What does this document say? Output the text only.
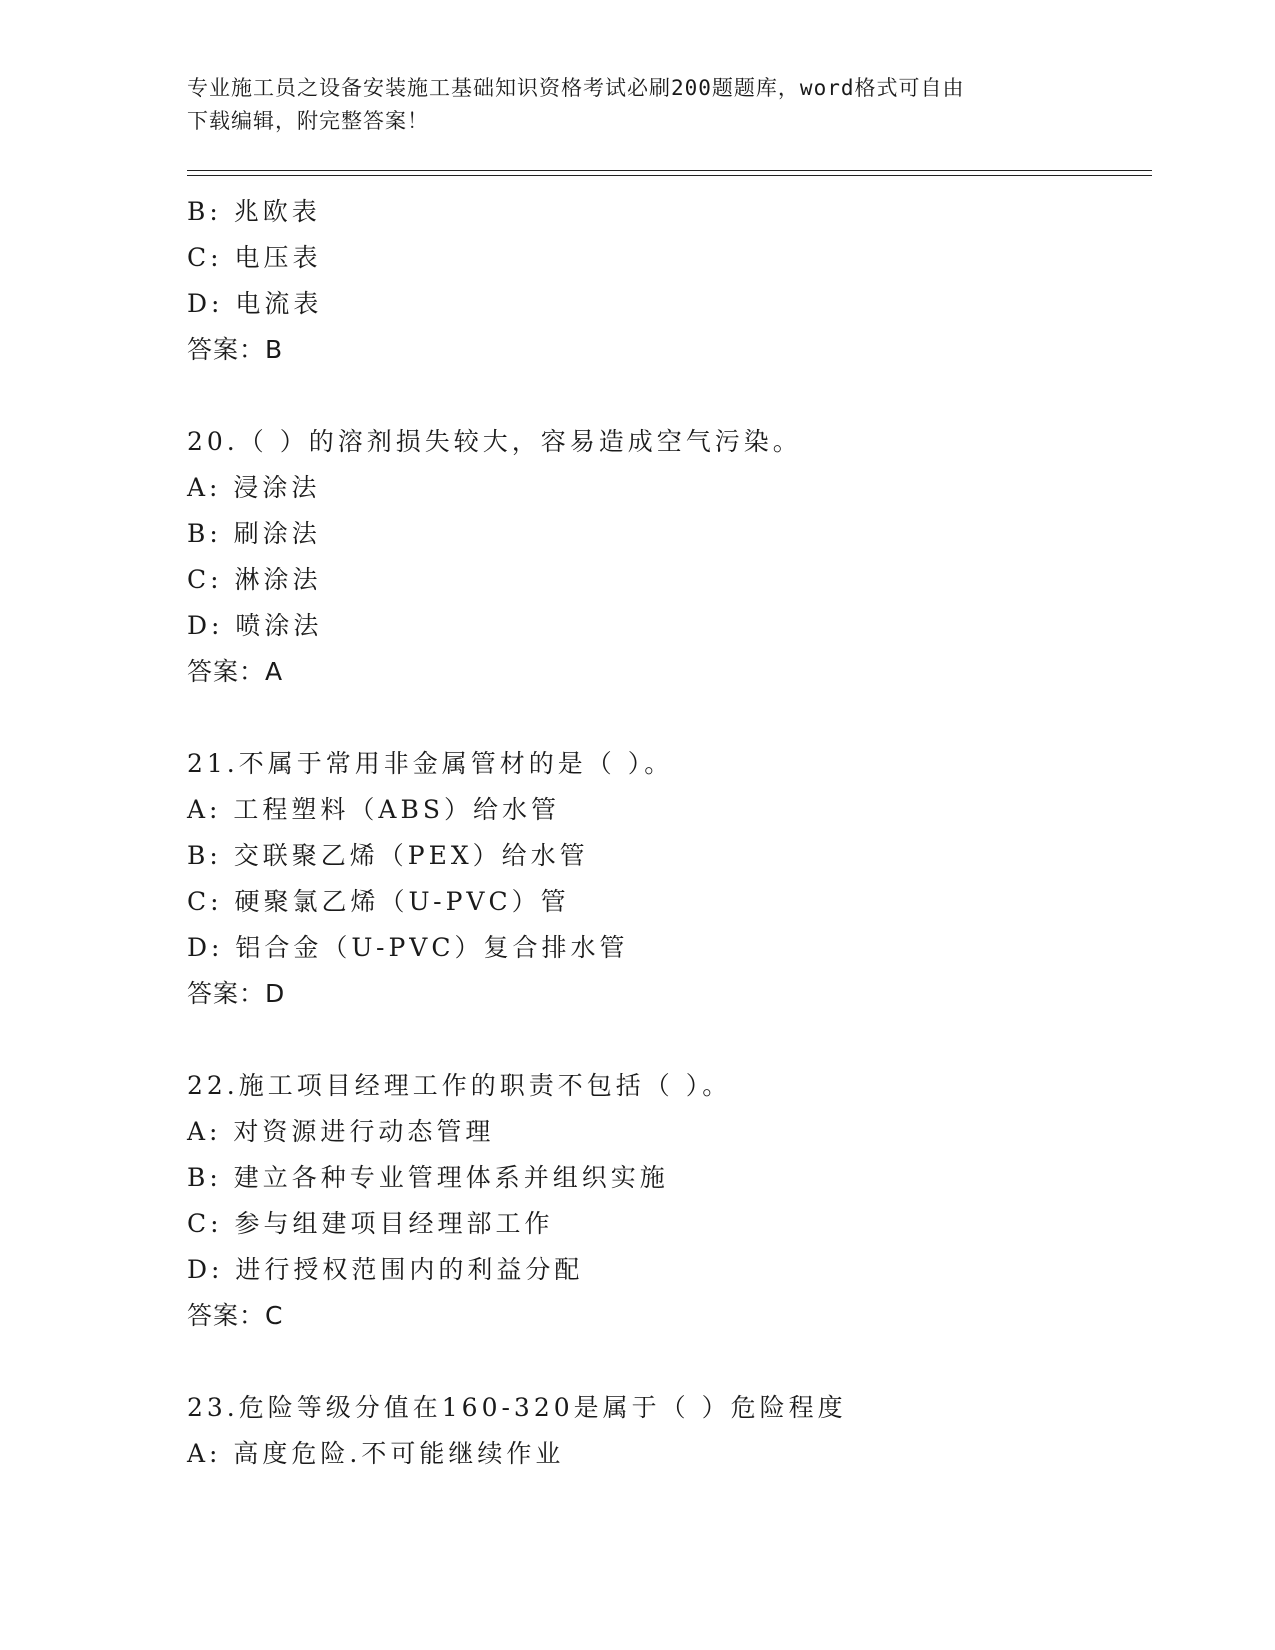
专业施工员之设备安装施工基础知识资格考试必刷200题题库，word格式可自由
下载编辑，附完整答案！
B: 兆欧表
C: 电压表
D: 电流表
答案：B
20.（ ）的溶剂损失较大，容易造成空气污染。
A: 浸涂法
B: 刷涂法
C: 淋涂法
D: 喷涂法
答案：A
21.不属于常用非金属管材的是（ ）。
A: 工程塑料（ABS）给水管
B: 交联聚乙烯（PEX）给水管
C: 硬聚氯乙烯（U-PVC）管
D: 铝合金（U-PVC）复合排水管
答案：D
22.施工项目经理工作的职责不包括（ ）。
A: 对资源进行动态管理
B: 建立各种专业管理体系并组织实施
C: 参与组建项目经理部工作
D: 进行授权范围内的利益分配
答案：C
23.危险等级分值在160-320是属于（ ）危险程度
A: 高度危险.不可能继续作业
